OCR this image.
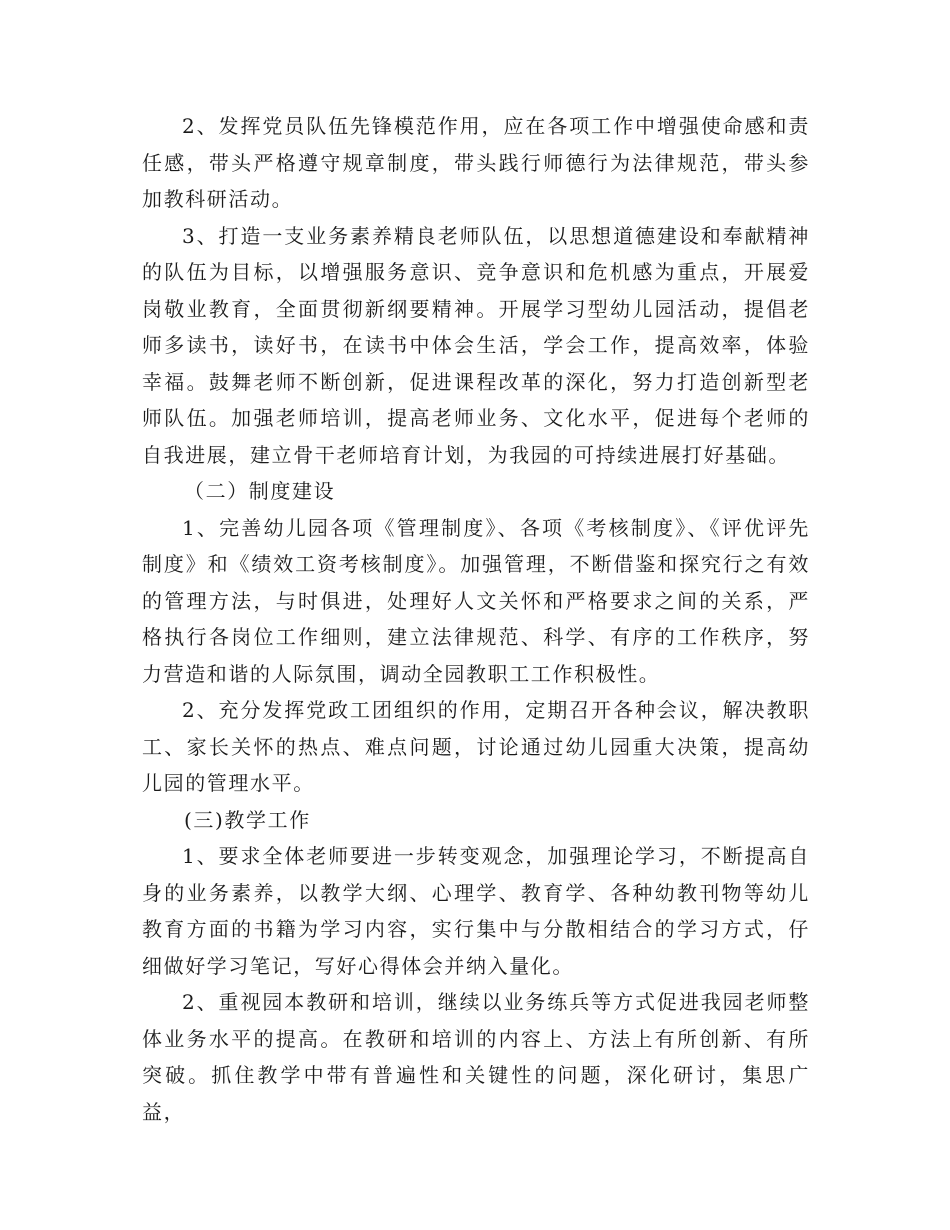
2、发挥党员队伍先锋模范作用，应在各项工作中增强使命感和责任感，带头严格遵守规章制度，带头践行师德行为法律规范，带头参加教科研活动。

3、打造一支业务素养精良老师队伍，以思想道德建设和奉献精神的队伍为目标，以增强服务意识、竞争意识和危机感为重点，开展爱岗敬业教育，全面贯彻新纲要精神。开展学习型幼儿园活动，提倡老师多读书，读好书，在读书中体会生活，学会工作，提高效率，体验幸福。鼓舞老师不断创新，促进课程改革的深化，努力打造创新型老师队伍。加强老师培训，提高老师业务、文化水平，促进每个老师的自我进展，建立骨干老师培育计划，为我园的可持续进展打好基础。

（二）制度建设

1、完善幼儿园各项《管理制度》、各项《考核制度》、《评优评先制度》和《绩效工资考核制度》。加强管理，不断借鉴和探究行之有效的管理方法，与时俱进，处理好人文关怀和严格要求之间的关系，严格执行各岗位工作细则，建立法律规范、科学、有序的工作秩序，努力营造和谐的人际氛围，调动全园教职工工作积极性。

2、充分发挥党政工团组织的作用，定期召开各种会议，解决教职工、家长关怀的热点、难点问题，讨论通过幼儿园重大决策，提高幼儿园的管理水平。

(三)教学工作

1、要求全体老师要进一步转变观念，加强理论学习，不断提高自身的业务素养，以教学大纲、心理学、教育学、各种幼教刊物等幼儿教育方面的书籍为学习内容，实行集中与分散相结合的学习方式，仔细做好学习笔记，写好心得体会并纳入量化。

2、重视园本教研和培训，继续以业务练兵等方式促进我园老师整体业务水平的提高。在教研和培训的内容上、方法上有所创新、有所突破。抓住教学中带有普遍性和关键性的问题，深化研讨，集思广益，
